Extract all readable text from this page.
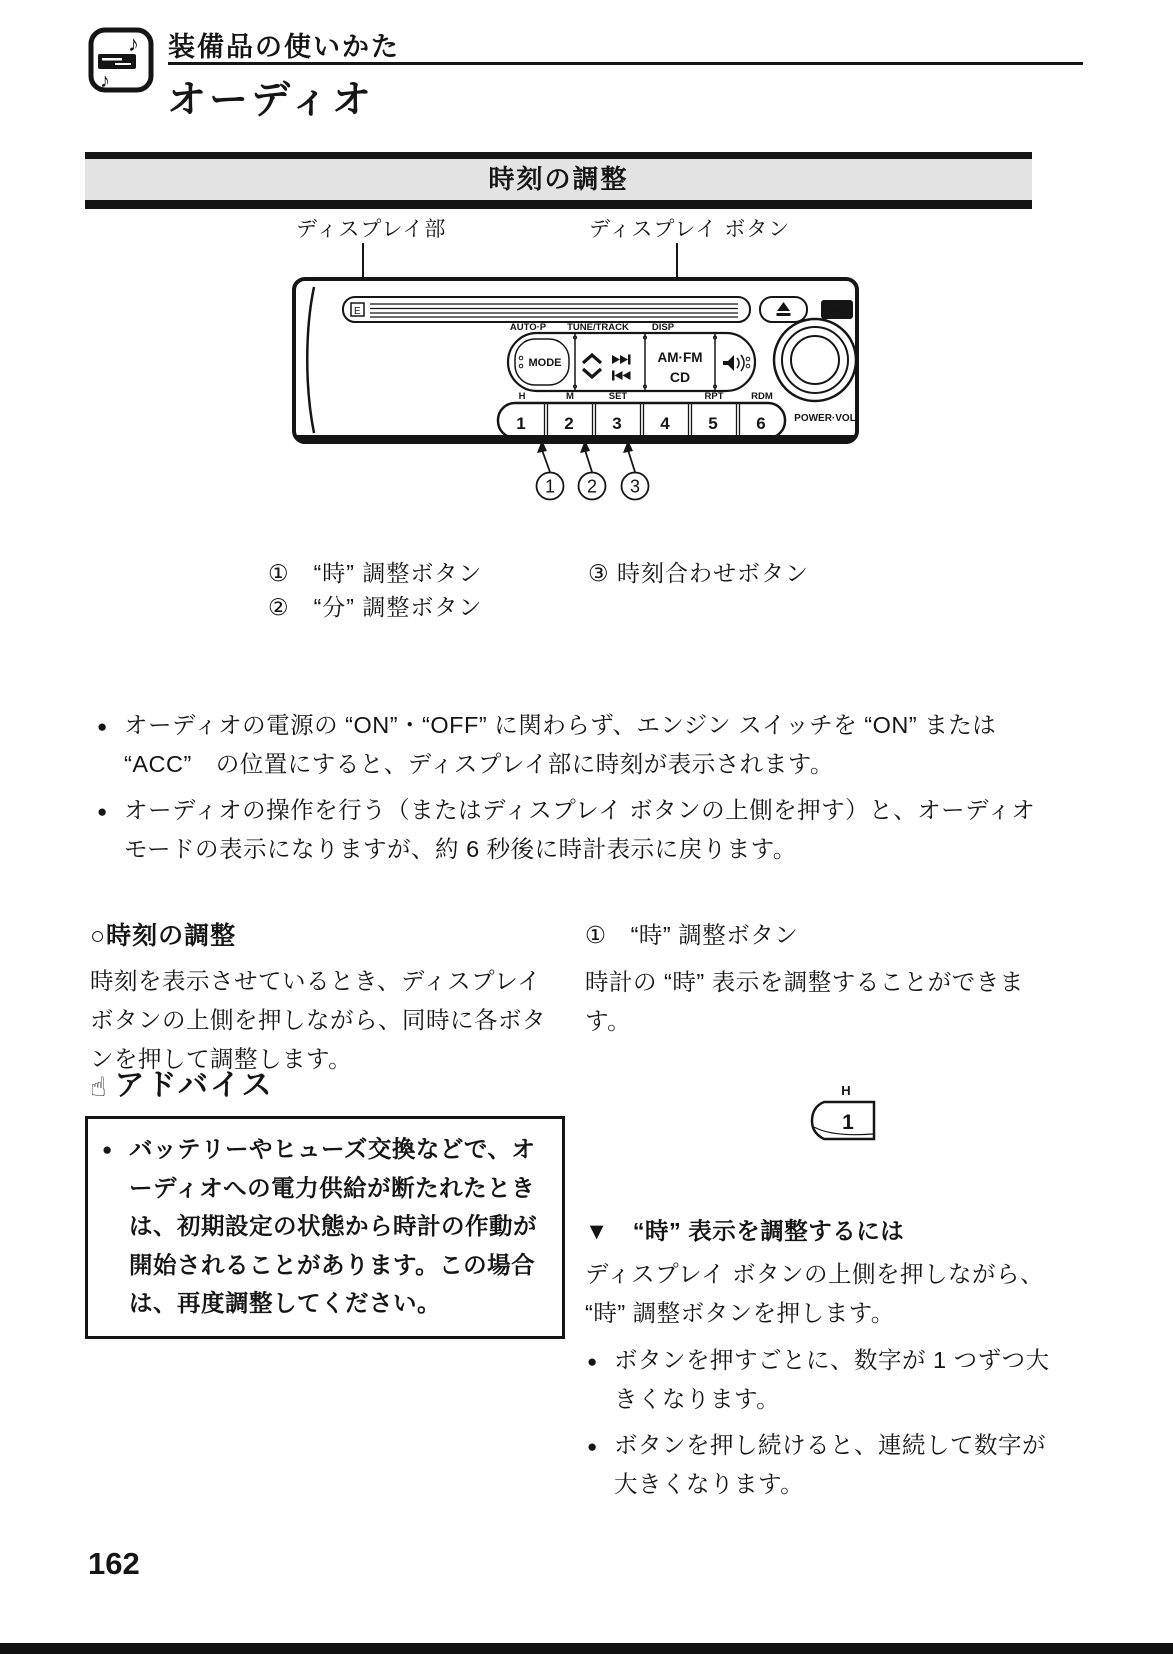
♪
♪
装備品の使いかた
オーディオ
時刻の調整
ディスプレイ部	ディスプレイ ボタン
E	DISC
AUTO·P TUNE/TRACK DISP
MODE	AM·FM
CD
H	M	SET	RPT	RDM
1 2 3 4 5 6	POWER·VOL
1 2 3
①　“時” 調整ボタン
②　“分” 調整ボタン
③ 時刻合わせボタン
● オーディオの電源の “ON”・“OFF” に関わらず、エンジン スイッチを “ON” または “ACC”　の位置にすると、ディスプレイ部に時刻が表示されます。
● オーディオの操作を行う（またはディスプレイ ボタンの上側を押す）と、オーディオ モードの表示になりますが、約 6 秒後に時計表示に戻ります。
○時刻の調整
時刻を表示させているとき、ディスプレイ ボタンの上側を押しながら、同時に各ボタンを押して調整します。
☝ アドバイス
● バッテリーやヒューズ交換などで、オーディオへの電力供給が断たれたときは、初期設定の状態から時計の作動が開始されることがあります。この場合は、再度調整してください。
①　“時” 調整ボタン
時計の “時” 表示を調整することができます。
H
1
▼　“時” 表示を調整するには
ディスプレイ ボタンの上側を押しながら、 “時” 調整ボタンを押します。
● ボタンを押すごとに、数字が 1 つずつ大きくなります。
● ボタンを押し続けると、連続して数字が大きくなります。
162
